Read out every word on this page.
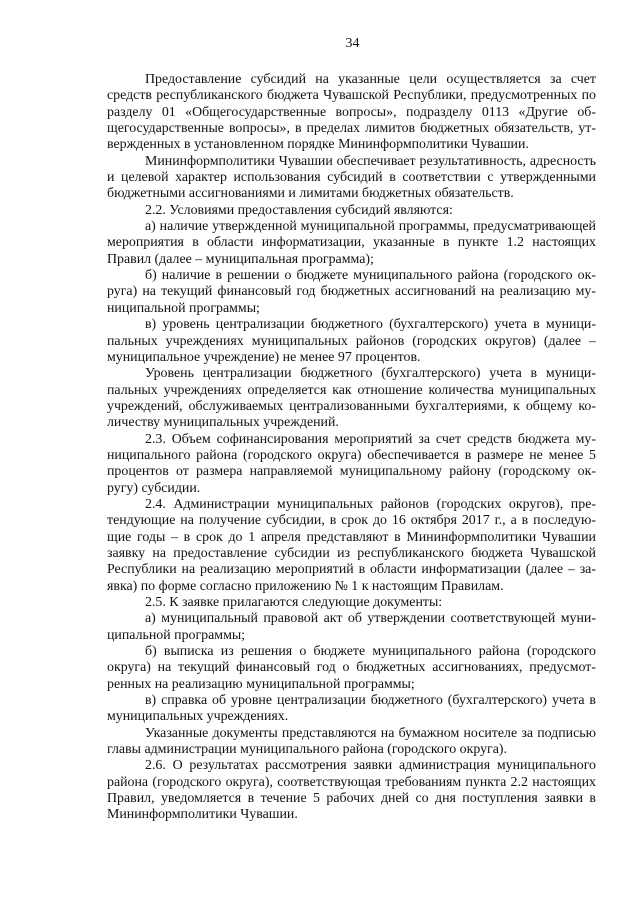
34

Предоставление субсидий на указанные цели осуществляется за счет средств республиканского бюджета Чувашской Республики, предусмотренных по разделу 01 «Общегосударственные вопросы», подразделу 0113 «Другие общегосударственные вопросы», в пределах лимитов бюджетных обязательств, утвержденных в установленном порядке Мининформполитики Чувашии.

Мининформполитики Чувашии обеспечивает результативность, адресность и целевой характер использования субсидий в соответствии с утвержденными бюджетными ассигнованиями и лимитами бюджетных обязательств.

2.2. Условиями предоставления субсидий являются:

а) наличие утвержденной муниципальной программы, предусматривающей мероприятия в области информатизации, указанные в пункте 1.2 настоящих Правил (далее – муниципальная программа);

б) наличие в решении о бюджете муниципального района (городского округа) на текущий финансовый год бюджетных ассигнований на реализацию муниципальной программы;

в) уровень централизации бюджетного (бухгалтерского) учета в муниципальных учреждениях муниципальных районов (городских округов) (далее – муниципальное учреждение) не менее 97 процентов.

Уровень централизации бюджетного (бухгалтерского) учета в муниципальных учреждениях определяется как отношение количества муниципальных учреждений, обслуживаемых централизованными бухгалтериями, к общему количеству муниципальных учреждений.

2.3. Объем софинансирования мероприятий за счет средств бюджета муниципального района (городского округа) обеспечивается в размере не менее 5 процентов от размера направляемой муниципальному району (городскому округу) субсидии.

2.4. Администрации муниципальных районов (городских округов), претендующие на получение субсидии, в срок до 16 октября 2017 г., а в последующие годы – в срок до 1 апреля представляют в Мининформполитики Чувашии заявку на предоставление субсидии из республиканского бюджета Чувашской Республики на реализацию мероприятий в области информатизации (далее – заявка) по форме согласно приложению № 1 к настоящим Правилам.

2.5. К заявке прилагаются следующие документы:

а) муниципальный правовой акт об утверждении соответствующей муниципальной программы;

б) выписка из решения о бюджете муниципального района (городского округа) на текущий финансовый год о бюджетных ассигнованиях, предусмотренных на реализацию муниципальной программы;

в) справка об уровне централизации бюджетного (бухгалтерского) учета в муниципальных учреждениях.

Указанные документы представляются на бумажном носителе за подписью главы администрации муниципального района (городского округа).

2.6. О результатах рассмотрения заявки администрация муниципального района (городского округа), соответствующая требованиям пункта 2.2 настоящих Правил, уведомляется в течение 5 рабочих дней со дня поступления заявки в Мининформполитики Чувашии.
